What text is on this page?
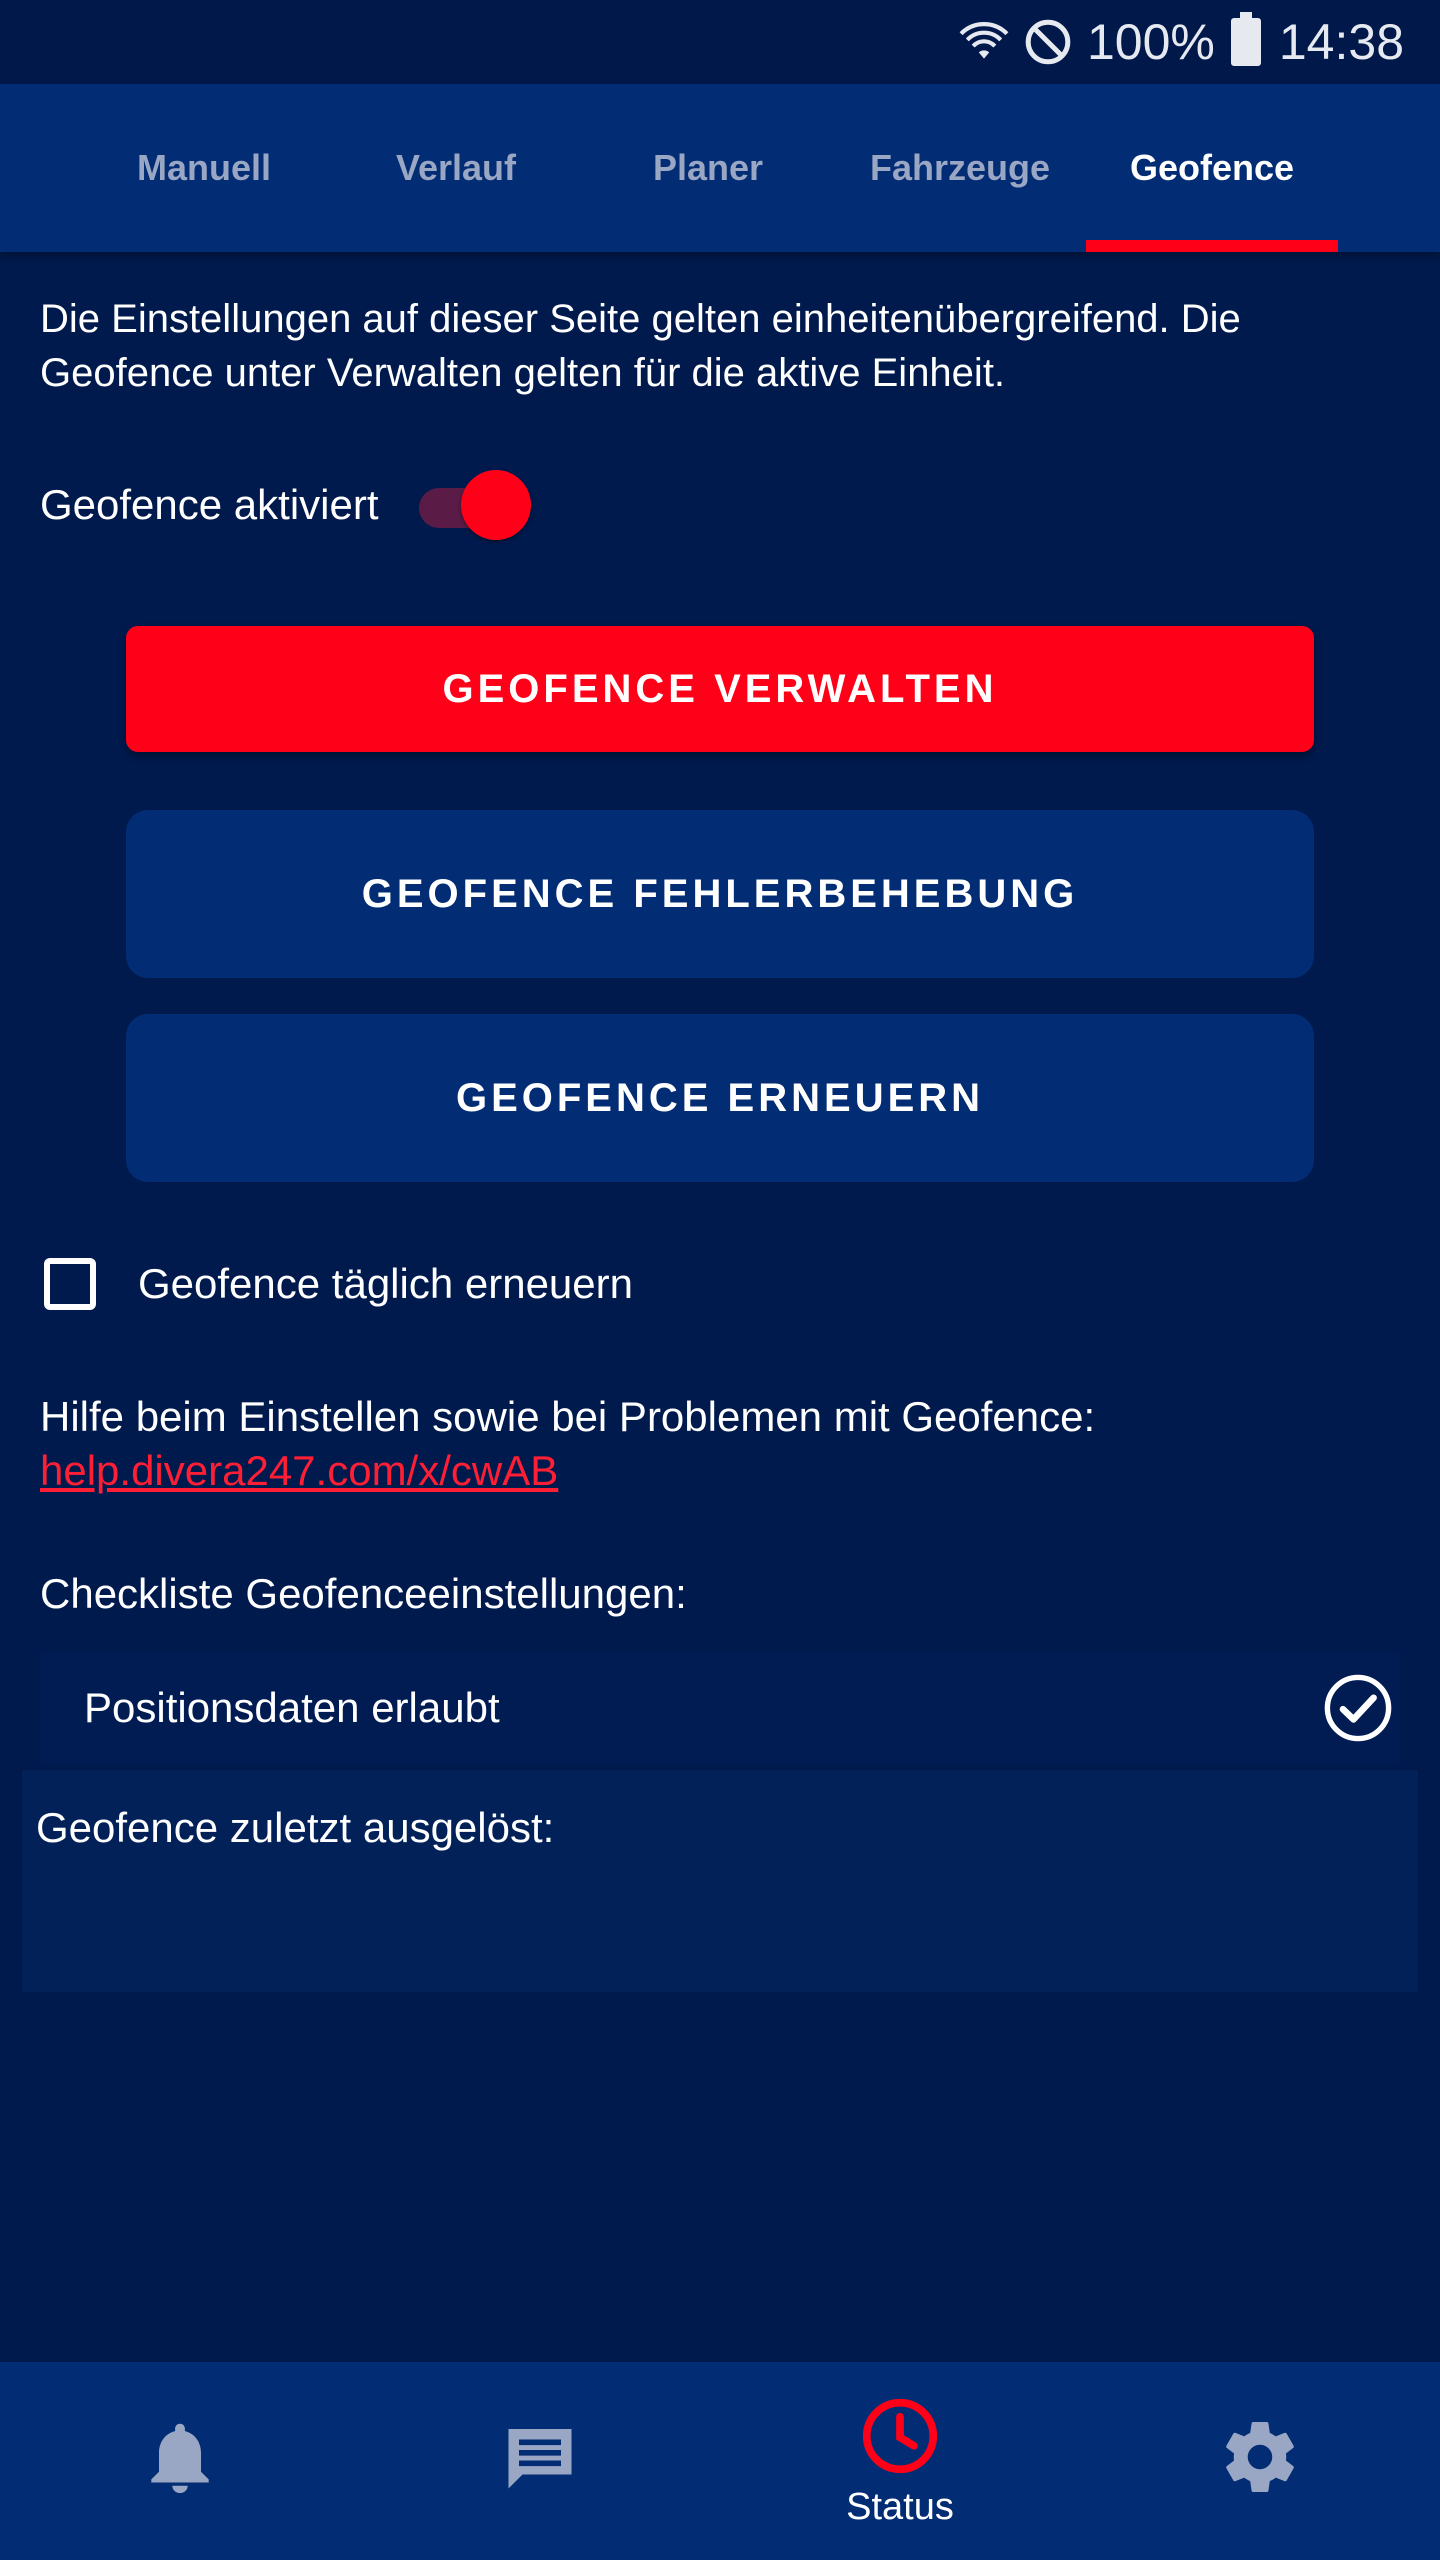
100% 14:38
Manuell	Verlauf	Planer	Fahrzeuge	Geofence
Die Einstellungen auf dieser Seite gelten einheitenübergreifend. Die Geofence unter Verwalten gelten für die aktive Einheit.
Geofence aktiviert
GEOFENCE VERWALTEN
GEOFENCE FEHLERBEHEBUNG
GEOFENCE ERNEUERN
Geofence täglich erneuern
Hilfe beim Einstellen sowie bei Problemen mit Geofence:
help.divera247.com/x/cwAB
Checkliste Geofenceeinstellungen:
Positionsdaten erlaubt
Geofence zuletzt ausgelöst:
Status
